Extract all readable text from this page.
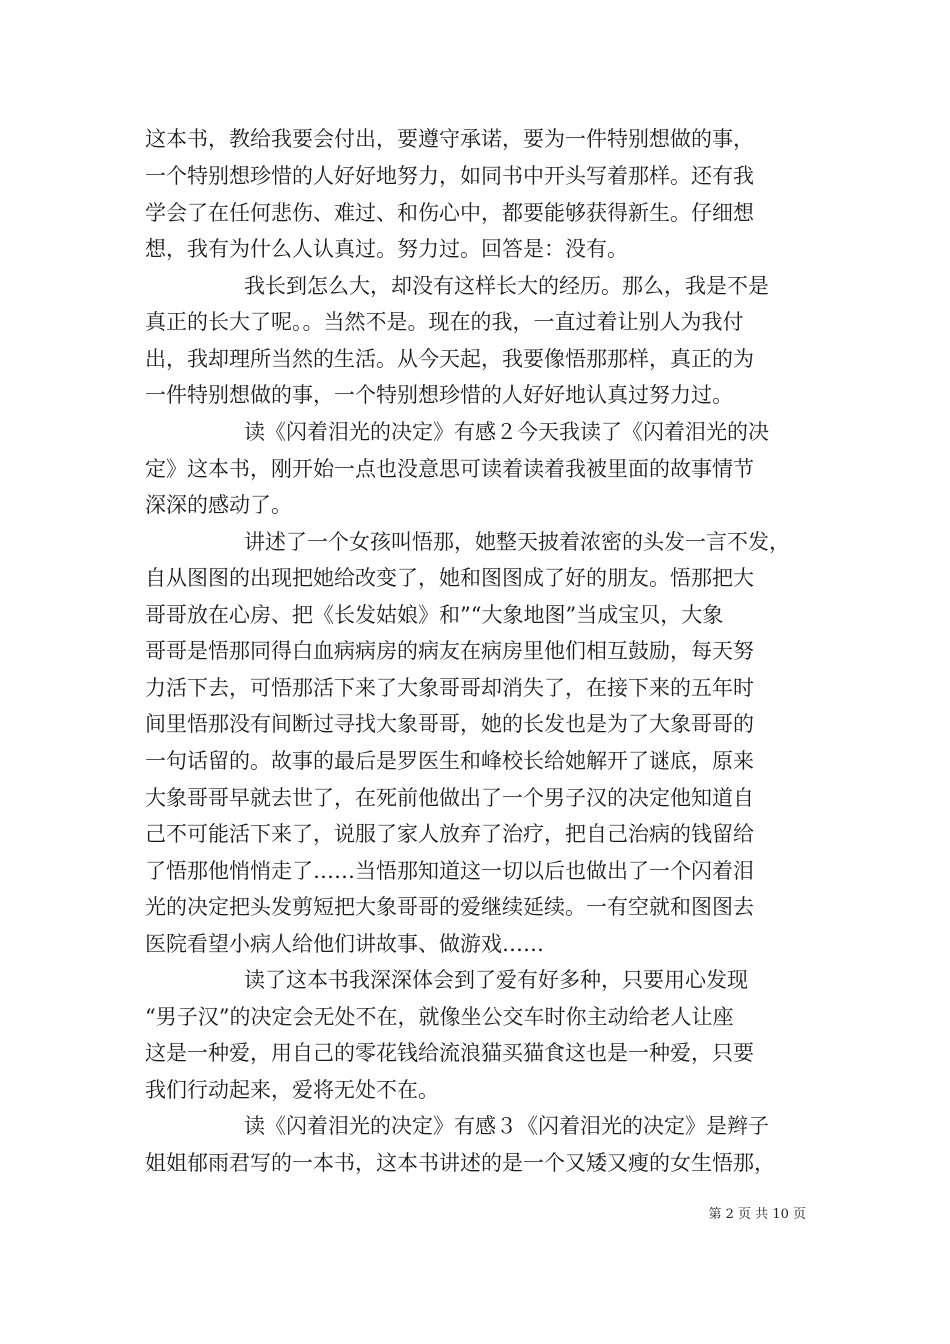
这本书，教给我要会付出，要遵守承诺，要为一件特别想做的事，
一个特别想珍惜的人好好地努力，如同书中开头写着那样。还有我
学会了在任何悲伤、难过、和伤心中，都要能够获得新生。仔细想
想，我有为什么人认真过。努力过。回答是：没有。
我长到怎么大，却没有这样长大的经历。那么，我是不是
真正的长大了呢。。当然不是。现在的我，一直过着让别人为我付
出，我却理所当然的生活。从今天起，我要像悟那那样，真正的为
一件特别想做的事，一个特别想珍惜的人好好地认真过努力过。
读《闪着泪光的决定》有感２今天我读了《闪着泪光的决
定》这本书，刚开始一点也没意思可读着读着我被里面的故事情节
深深的感动了。
讲述了一个女孩叫悟那，她整天披着浓密的头发一言不发，
自从图图的出现把她给改变了，她和图图成了好的朋友。悟那把大
哥哥放在心房、把《长发姑娘》和”“大象地图”当成宝贝，大象
哥哥是悟那同得白血病病房的病友在病房里他们相互鼓励，每天努
力活下去，可悟那活下来了大象哥哥却消失了，在接下来的五年时
间里悟那没有间断过寻找大象哥哥，她的长发也是为了大象哥哥的
一句话留的。故事的最后是罗医生和峰校长给她解开了谜底，原来
大象哥哥早就去世了，在死前他做出了一个男子汉的决定他知道自
己不可能活下来了，说服了家人放弃了治疗，把自己治病的钱留给
了悟那他悄悄走了……当悟那知道这一切以后也做出了一个闪着泪
光的决定把头发剪短把大象哥哥的爱继续延续。一有空就和图图去
医院看望小病人给他们讲故事、做游戏……
读了这本书我深深体会到了爱有好多种，只要用心发现
“男子汉”的决定会无处不在，就像坐公交车时你主动给老人让座
这是一种爱，用自己的零花钱给流浪猫买猫食这也是一种爱，只要
我们行动起来，爱将无处不在。
读《闪着泪光的决定》有感３《闪着泪光的决定》是辫子
姐姐郁雨君写的一本书，这本书讲述的是一个又矮又瘦的女生悟那，
第 2 页 共 10 页
